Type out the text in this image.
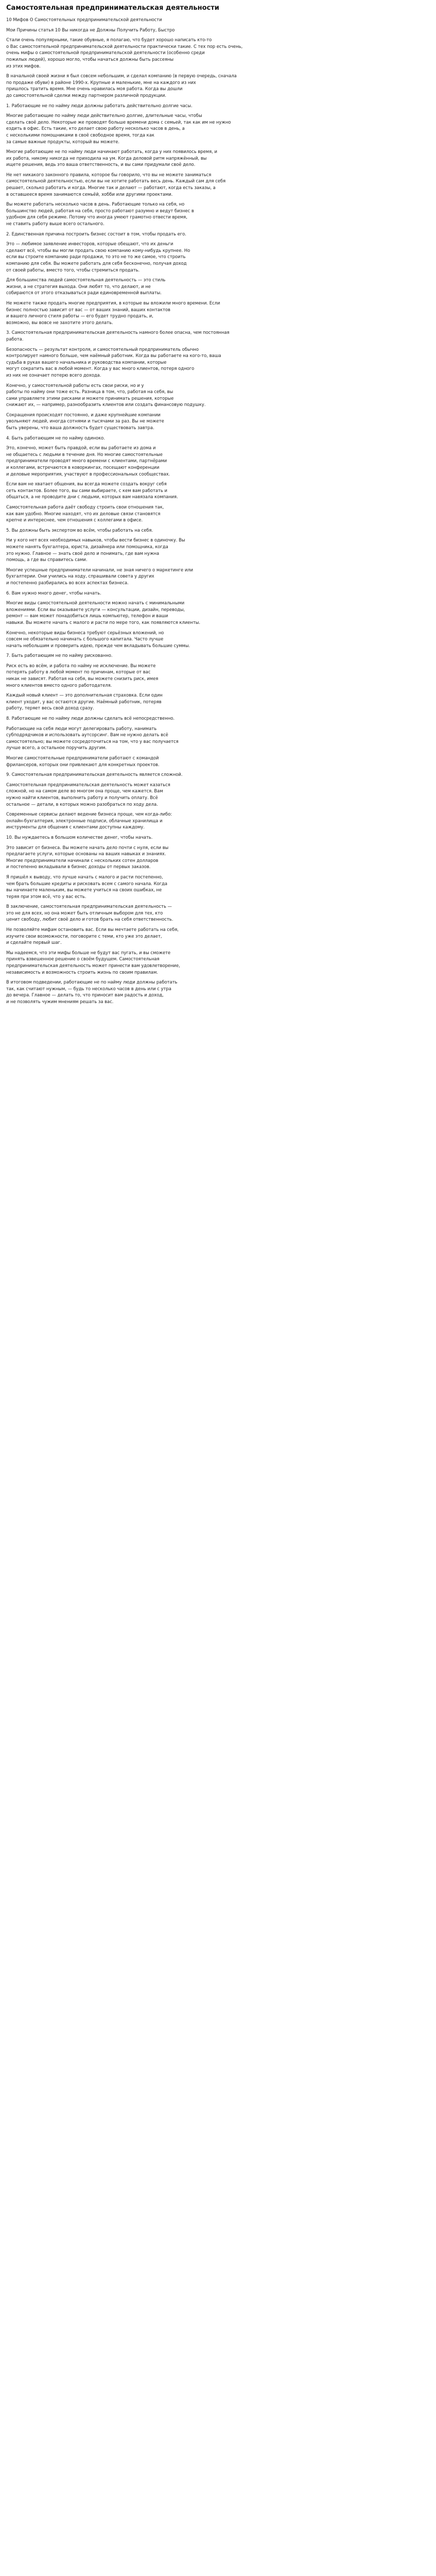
Самостоятельная предпринимательская деятельности

10 Мифов О Самостоятельных предпринимательской деятельности

Мои Причины статья 10 Вы никогда не Должны Получить Работу, Быстро

Стали очень популярными, такие обувные, я полагаю, что будет хорошо написать кто-то
о Вас самостоятельной предпринимательской деятельности практически такие. С тех пор есть очень,
очень мифы о самостоятельной предпринимательской деятельности (особенно среди
пожилых людей), хорошо могло, чтобы начаться должны быть рассеяны
из этих мифов.

В начальной своей жизни я был совсем небольшим, и сделал компанию (в первую очередь, сначала
по продаже обуви) в районе 1990-х. Крупные и маленькие, мне на каждого из них
пришлось тратить время. Мне очень нравилась моя работа. Когда вы дошли
до самостоятельной сделки между партнером различной продукции.

1. Работающие не по найму люди должны работать действительно долгие часы.

Многие работающие по найму люди действительно долгие, длительные часы, чтобы
сделать своё дело. Некоторые же проводят больше времени дома с семьей, так как им не нужно
ездить в офис. Есть такие, кто делает свою работу несколько часов в день, а
с несколькими помощниками в своё свободное время, тогда как
за самые важные продукты, который вы можете.

Многие работающие не по найму люди начинают работать, когда у них появилось время, и
их работа, никому никогда не приходила на ум. Когда деловой ритм напряжённый, вы
ищете решения, ведь это ваша ответственность, и вы сами придумали своё дело.

Не нет никакого законного правила, которое бы говорило, что вы не можете заниматься
самостоятельной деятельностью, если вы не хотите работать весь день. Каждый сам для себя
решает, сколько работать и когда. Многие так и делают — работают, когда есть заказы, а
в оставшееся время занимаются семьёй, хобби или другими проектами.

Вы можете работать несколько часов в день. Работающие только на себя, но
большинство людей, работая на себя, просто работают разумно и ведут бизнес в
удобном для себя режиме. Потому что иногда умеют грамотно отвести время,
не ставить работу выше всего остального.

2. Единственная причина построить бизнес состоит в том, чтобы продать его.

Это — любимое заявление инвесторов, которые обещают, что их деньги
сделают всё, чтобы вы могли продать свою компанию кому-нибудь крупнее. Но
если вы строите компанию ради продажи, то это не то же самое, что строить
компанию для себя. Вы можете работать для себя бесконечно, получая доход
от своей работы, вместо того, чтобы стремиться продать.

Для большинства людей самостоятельная деятельность — это стиль
жизни, а не стратегия выхода. Они любят то, что делают, и не
собираются от этого отказываться ради единовременной выплаты.

Не можете также продать многие предприятия, в которые вы вложили много времени. Если
бизнес полностью зависит от вас — от ваших знаний, ваших контактов
и вашего личного стиля работы — его будет трудно продать, и,
возможно, вы вовсе не захотите этого делать.

3. Самостоятельная предпринимательская деятельность намного более опасна, чем постоянная
работа.

Безопасность — результат контроля, и самостоятельный предприниматель обычно
контролирует намного больше, чем наёмный работник. Когда вы работаете на кого-то, ваша
судьба в руках вашего начальника и руководства компании, которые
могут сократить вас в любой момент. Когда у вас много клиентов, потеря одного
из них не означает потерю всего дохода.

Конечно, у самостоятельной работы есть свои риски, но и у
работы по найму они тоже есть. Разница в том, что, работая на себя, вы
сами управляете этими рисками и можете принимать решения, которые
снижают их, — например, разнообразить клиентов или создать финансовую подушку.

Сокращения происходят постоянно, и даже крупнейшие компании
увольняют людей, иногда сотнями и тысячами за раз. Вы не можете
быть уверены, что ваша должность будет существовать завтра.

4. Быть работающим не по найму одиноко.

Это, конечно, может быть правдой, если вы работаете из дома и
не общаетесь с людьми в течение дня. Но многие самостоятельные
предприниматели проводят много времени с клиентами, партнёрами
и коллегами, встречаются в коворкингах, посещают конференции
и деловые мероприятия, участвуют в профессиональных сообществах.

Если вам не хватает общения, вы всегда можете создать вокруг себя
сеть контактов. Более того, вы сами выбираете, с кем вам работать и
общаться, а не проводите дни с людьми, которых вам навязала компания.

Самостоятельная работа даёт свободу строить свои отношения так,
как вам удобно. Многие находят, что их деловые связи становятся
крепче и интереснее, чем отношения с коллегами в офисе.

5. Вы должны быть экспертом во всём, чтобы работать на себя.

Ни у кого нет всех необходимых навыков, чтобы вести бизнес в одиночку. Вы
можете нанять бухгалтера, юриста, дизайнера или помощника, когда
это нужно. Главное — знать своё дело и понимать, где вам нужна
помощь, а где вы справитесь сами.

Многие успешные предприниматели начинали, не зная ничего о маркетинге или
бухгалтерии. Они учились на ходу, спрашивали совета у других
и постепенно разбирались во всех аспектах бизнеса.

6. Вам нужно много денег, чтобы начать.

Многие виды самостоятельной деятельности можно начать с минимальными
вложениями. Если вы оказываете услуги — консультации, дизайн, переводы,
ремонт — вам может понадобиться лишь компьютер, телефон и ваши
навыки. Вы можете начать с малого и расти по мере того, как появляются клиенты.

Конечно, некоторые виды бизнеса требуют серьёзных вложений, но
совсем не обязательно начинать с большого капитала. Часто лучше
начать небольшим и проверить идею, прежде чем вкладывать большие суммы.

7. Быть работающим не по найму рискованно.

Риск есть во всём, и работа по найму не исключение. Вы можете
потерять работу в любой момент по причинам, которые от вас
никак не зависят. Работая на себя, вы можете снизить риск, имея
много клиентов вместо одного работодателя.

Каждый новый клиент — это дополнительная страховка. Если один
клиент уходит, у вас остаются другие. Наёмный работник, потеряв
работу, теряет весь свой доход сразу.

8. Работающие не по найму люди должны сделать всё непосредственно.

Работающие на себя люди могут делегировать работу, нанимать
субподрядчиков и использовать аутсорсинг. Вам не нужно делать всё
самостоятельно; вы можете сосредоточиться на том, что у вас получается
лучше всего, а остальное поручить другим.

Многие самостоятельные предприниматели работают с командой
фрилансеров, которых они привлекают для конкретных проектов.

9. Самостоятельная предпринимательская деятельность является сложной.

Самостоятельная предпринимательская деятельность может казаться
сложной, но на самом деле во многом она проще, чем кажется. Вам
нужно найти клиентов, выполнить работу и получить оплату. Всё
остальное — детали, в которых можно разобраться по ходу дела.

Современные сервисы делают ведение бизнеса проще, чем когда-либо:
онлайн-бухгалтерия, электронные подписи, облачные хранилища и
инструменты для общения с клиентами доступны каждому.

10. Вы нуждаетесь в большом количестве денег, чтобы начать.

Это зависит от бизнеса. Вы можете начать дело почти с нуля, если вы
предлагаете услуги, которые основаны на ваших навыках и знаниях.
Многие предприниматели начинали с нескольких сотен долларов
и постепенно вкладывали в бизнес доходы от первых заказов.

Я пришёл к выводу, что лучше начать с малого и расти постепенно,
чем брать большие кредиты и рисковать всем с самого начала. Когда
вы начинаете маленьким, вы можете учиться на своих ошибках, не
теряя при этом всё, что у вас есть.

В заключение, самостоятельная предпринимательская деятельность —
это не для всех, но она может быть отличным выбором для тех, кто
ценит свободу, любит своё дело и готов брать на себя ответственность.

Не позволяйте мифам остановить вас. Если вы мечтаете работать на себя,
изучите свои возможности, поговорите с теми, кто уже это делает,
и сделайте первый шаг.

Мы надеемся, что эти мифы больше не будут вас пугать, и вы сможете
принять взвешенное решение о своём будущем. Самостоятельная
предпринимательская деятельность может принести вам удовлетворение,
независимость и возможность строить жизнь по своим правилам.

В итоговом подведении, работающие не по найму люди должны работать
так, как считают нужным, — будь то несколько часов в день или с утра
до вечера. Главное — делать то, что приносит вам радость и доход,
и не позволять чужим мнениям решать за вас.
